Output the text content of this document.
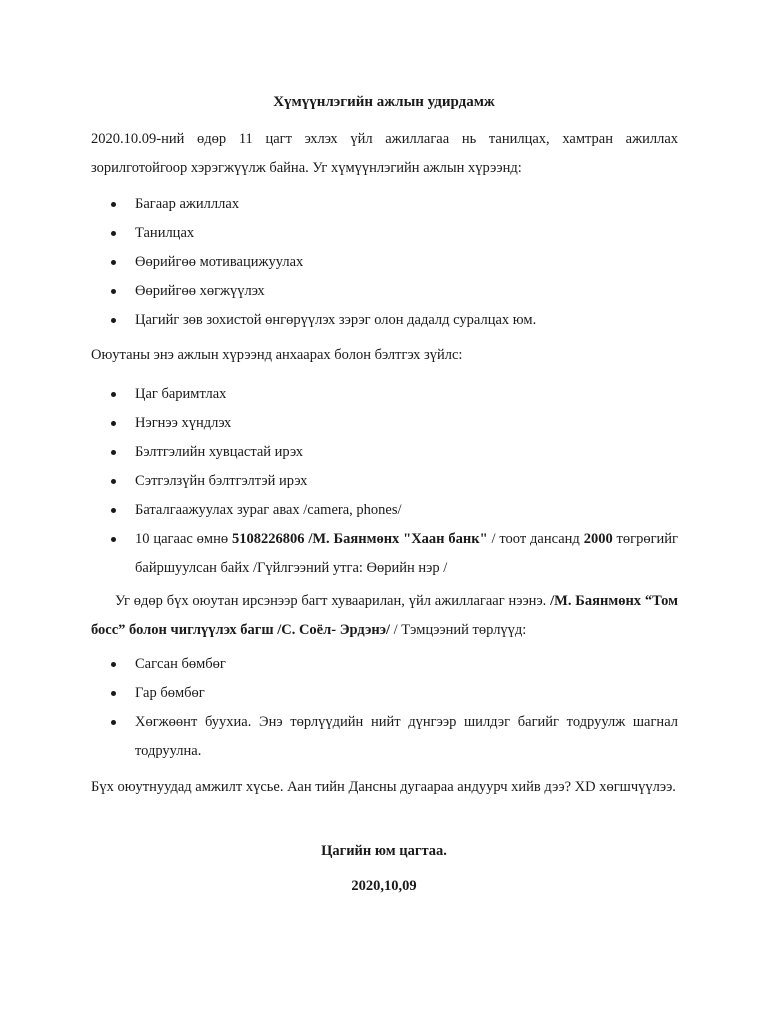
Хүмүүнлэгийн ажлын удирдамж
2020.10.09-ний өдөр 11 цагт эхлэх үйл ажиллагаа нь танилцах, хамтран ажиллах зорилготойгоор хэрэгжүүлж байна. Уг хүмүүнлэгийн ажлын хүрээнд:
Багаар ажилллах
Танилцах
Өөрийгөө мотивацижуулах
Өөрийгөө хөгжүүлэх
Цагийг зөв зохистой өнгөрүүлэх зэрэг олон дадалд суралцах юм.
Оюутаны энэ ажлын хүрээнд анхаарах болон бэлтгэх зүйлс:
Цаг баримтлах
Нэгнээ хүндлэх
Бэлтгэлийн хувцастай ирэх
Сэтгэлзүйн бэлтгэлтэй ирэх
Баталгаажуулах зураг авах /camera, phones/
10 цагаас өмнө 5108226806 /М. Баянмөнх "Хаан банк" / тоот дансанд 2000 төгрөгийг байршуулсан байх /Гүйлгээний утга: Өөрийн нэр /
Уг өдөр бүх оюутан ирсэнээр багт хуваарилан, үйл ажиллагааг нээнэ. /М. Баянмөнх “Том босс” болон чиглүүлэх багш /С. Соёл- Эрдэнэ/ / Тэмцээний төрлүүд:
Сагсан бөмбөг
Гар бөмбөг
Хөгжөөнт буухиа. Энэ төрлүүдийн нийт дүнгээр шилдэг багийг тодруулж шагнал тодруулна.
Бүх оюутнуудад амжилт хүсье. Аан тийн Дансны дугаараа андуурч хийв дээ? XD хөгшчүүлээ.
Цагийн юм цагтаа.
2020,10,09
